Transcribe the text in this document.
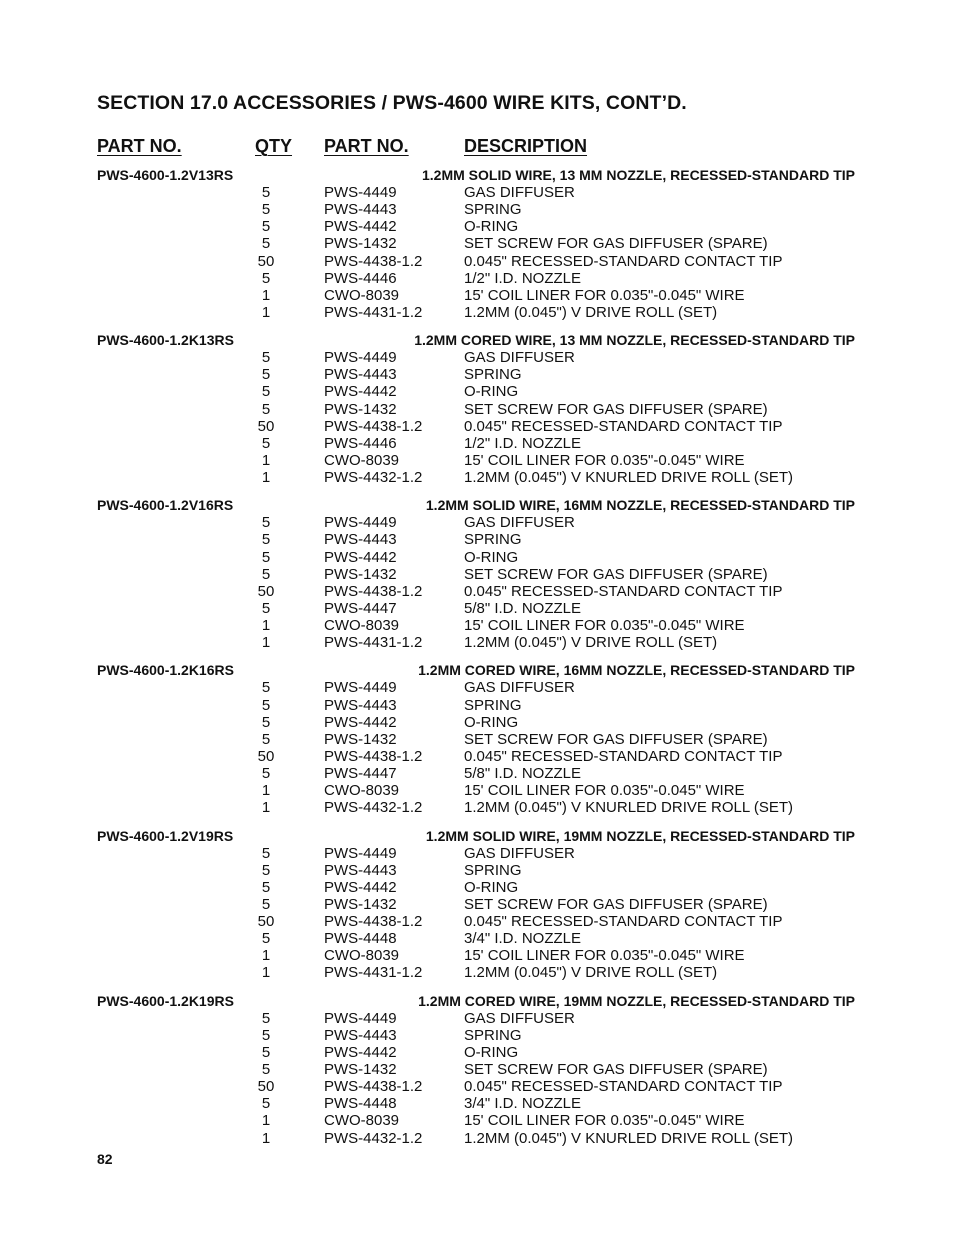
SECTION 17.0 ACCESSORIES / PWS-4600 WIRE KITS, CONT’D.
PART NO.	QTY PART NO.	DESCRIPTION
PWS-4600-1.2V13RS	1.2MM SOLID WIRE, 13 MM NOZZLE, RECESSED-STANDARD TIP
5	PWS-4449	GAS DIFFUSER
5	PWS-4443	SPRING
5	PWS-4442	O-RING
5	PWS-1432	SET SCREW FOR GAS DIFFUSER (SPARE)
50	PWS-4438-1.2	0.045" RECESSED-STANDARD CONTACT TIP
5	PWS-4446	1/2" I.D. NOZZLE
1	CWO-8039	15' COIL LINER FOR 0.035"-0.045" WIRE
1	PWS-4431-1.2	1.2MM (0.045") V DRIVE ROLL (SET)
PWS-4600-1.2K13RS	1.2MM CORED WIRE, 13 MM NOZZLE, RECESSED-STANDARD TIP
5	PWS-4449	GAS DIFFUSER
5	PWS-4443	SPRING
5	PWS-4442	O-RING
5	PWS-1432	SET SCREW FOR GAS DIFFUSER (SPARE)
50	PWS-4438-1.2	0.045" RECESSED-STANDARD CONTACT TIP
5	PWS-4446	1/2" I.D. NOZZLE
1	CWO-8039	15' COIL LINER FOR 0.035"-0.045" WIRE
1	PWS-4432-1.2	1.2MM (0.045") V KNURLED DRIVE ROLL (SET)
PWS-4600-1.2V16RS	1.2MM SOLID WIRE, 16MM NOZZLE, RECESSED-STANDARD TIP
5	PWS-4449	GAS DIFFUSER
5	PWS-4443	SPRING
5	PWS-4442	O-RING
5	PWS-1432	SET SCREW FOR GAS DIFFUSER (SPARE)
50	PWS-4438-1.2	0.045" RECESSED-STANDARD CONTACT TIP
5	PWS-4447	5/8" I.D. NOZZLE
1	CWO-8039	15' COIL LINER FOR 0.035"-0.045" WIRE
1	PWS-4431-1.2	1.2MM (0.045") V DRIVE ROLL (SET)
PWS-4600-1.2K16RS	1.2MM CORED WIRE, 16MM NOZZLE, RECESSED-STANDARD TIP
5	PWS-4449	GAS DIFFUSER
5	PWS-4443	SPRING
5	PWS-4442	O-RING
5	PWS-1432	SET SCREW FOR GAS DIFFUSER (SPARE)
50	PWS-4438-1.2	0.045" RECESSED-STANDARD CONTACT TIP
5	PWS-4447	5/8" I.D. NOZZLE
1	CWO-8039	15' COIL LINER FOR 0.035"-0.045" WIRE
1	PWS-4432-1.2	1.2MM (0.045") V KNURLED DRIVE ROLL (SET)
PWS-4600-1.2V19RS	1.2MM SOLID WIRE, 19MM NOZZLE, RECESSED-STANDARD TIP
5	PWS-4449	GAS DIFFUSER
5	PWS-4443	SPRING
5	PWS-4442	O-RING
5	PWS-1432	SET SCREW FOR GAS DIFFUSER (SPARE)
50	PWS-4438-1.2	0.045" RECESSED-STANDARD CONTACT TIP
5	PWS-4448	3/4" I.D. NOZZLE
1	CWO-8039	15' COIL LINER FOR 0.035"-0.045" WIRE
1	PWS-4431-1.2	1.2MM (0.045") V DRIVE ROLL (SET)
PWS-4600-1.2K19RS	1.2MM CORED WIRE, 19MM NOZZLE, RECESSED-STANDARD TIP
5	PWS-4449	GAS DIFFUSER
5	PWS-4443	SPRING
5	PWS-4442	O-RING
5	PWS-1432	SET SCREW FOR GAS DIFFUSER (SPARE)
50	PWS-4438-1.2	0.045" RECESSED-STANDARD CONTACT TIP
5	PWS-4448	3/4" I.D. NOZZLE
1	CWO-8039	15' COIL LINER FOR 0.035"-0.045" WIRE
1	PWS-4432-1.2	1.2MM (0.045") V KNURLED DRIVE ROLL (SET)
82
